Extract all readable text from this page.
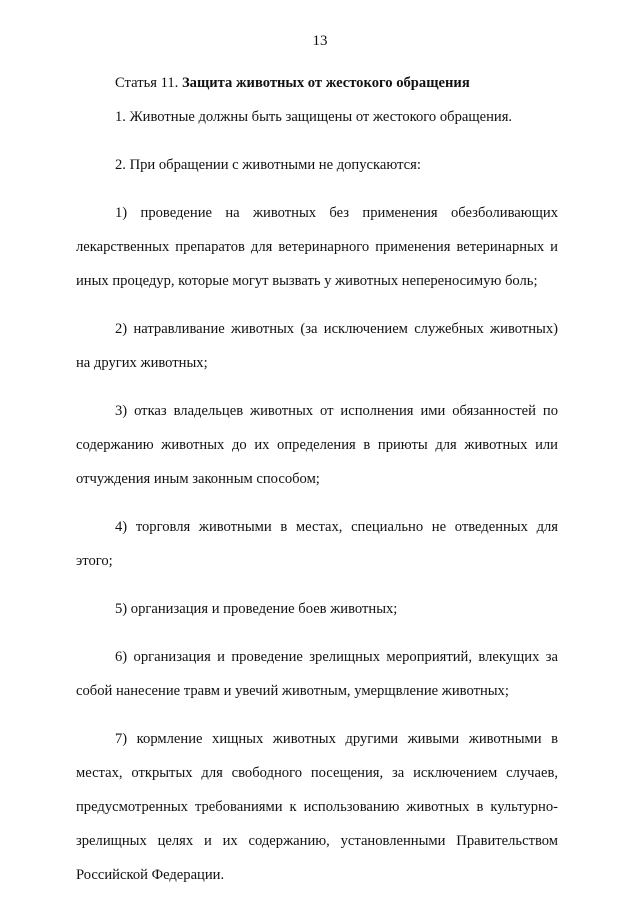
13

Статья 11. Защита животных от жестокого обращения

1. Животные должны быть защищены от жестокого обращения.

2. При обращении с животными не допускаются:

1) проведение на животных без применения обезболивающих лекарственных препаратов для ветеринарного применения ветеринарных и иных процедур, которые могут вызвать у животных непереносимую боль;

2) натравливание животных (за исключением служебных животных) на других животных;

3) отказ владельцев животных от исполнения ими обязанностей по содержанию животных до их определения в приюты для животных или отчуждения иным законным способом;

4) торговля животными в местах, специально не отведенных для этого;

5) организация и проведение боев животных;

6) организация и проведение зрелищных мероприятий, влекущих за собой нанесение травм и увечий животным, умерщвление животных;

7) кормление хищных животных другими живыми животными в местах, открытых для свободного посещения, за исключением случаев, предусмотренных требованиями к использованию животных в культурно-зрелищных целях и их содержанию, установленными Правительством Российской Федерации.
